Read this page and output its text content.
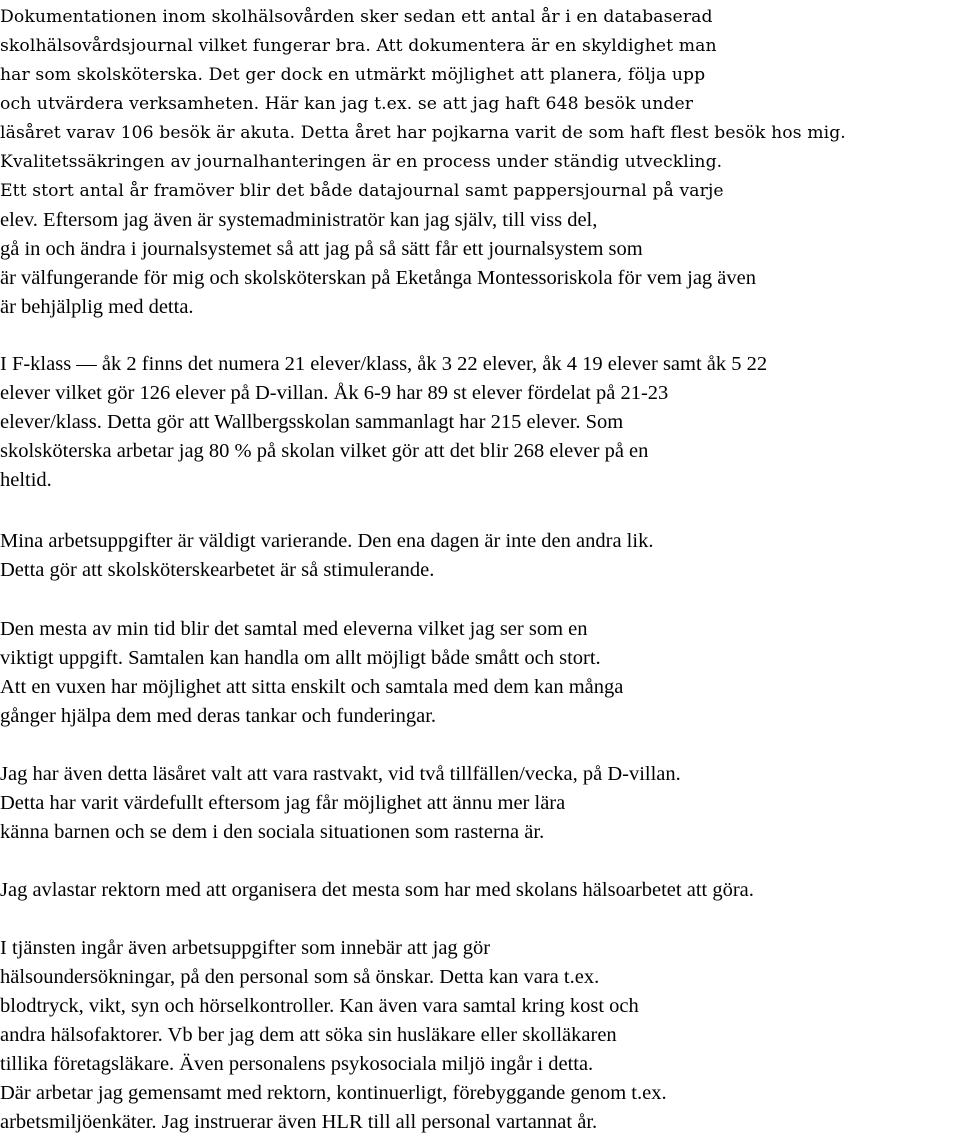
Dokumentationen inom skolhälsovården sker sedan ett antal år i en databaserad

skolhälsovårdsjournal vilket fungerar bra. Att dokumentera är en skyldighet man

har som skolsköterska. Det ger dock en utmärkt möjlighet att planera, följa upp

och utvärdera verksamheten. Här kan jag t.ex. se att jag haft 648 besök under

läsåret varav 106 besök är akuta. Detta året har pojkarna varit de som haft flest besök hos mig.

Kvalitetssäkringen av journalhanteringen är en process under ständig utveckling.

Ett stort antal år framöver blir det både datajournal samt pappersjournal på varje

elev. Eftersom jag även är systemadministratör kan jag själv, till viss del,

gå in och ändra i journalsystemet så att jag på så sätt får ett journalsystem som

är välfungerande för mig och skolsköterskan på Eketånga Montessoriskola för vem jag även

är behjälplig med detta.

I F-klass — åk 2 finns det numera 21 elever/klass, åk 3 22 elever, åk 4 19 elever samt åk 5 22

elever vilket gör 126 elever på D-villan. Åk 6-9 har 89 st elever fördelat på 21-23

elever/klass. Detta gör att Wallbergsskolan sammanlagt har 215 elever. Som

skolsköterska arbetar jag 80 % på skolan vilket gör att det blir 268 elever på en

heltid.

Mina arbetsuppgifter är väldigt varierande. Den ena dagen är inte den andra lik.

Detta gör att skolsköterskearbetet är så stimulerande.

Den mesta av min tid blir det samtal med eleverna vilket jag ser som en

viktigt uppgift. Samtalen kan handla om allt möjligt både smått och stort.

Att en vuxen har möjlighet att sitta enskilt och samtala med dem kan många

gånger hjälpa dem med deras tankar och funderingar.

Jag har även detta läsåret valt att vara rastvakt, vid två tillfällen/vecka, på D-villan.

Detta har varit värdefullt eftersom jag får möjlighet att ännu mer lära

känna barnen och se dem i den sociala situationen som rasterna är.

Jag avlastar rektorn med att organisera det mesta som har med skolans hälsoarbetet att göra.

I tjänsten ingår även arbetsuppgifter som innebär att jag gör

hälsoundersökningar, på den personal som så önskar. Detta kan vara t.ex.

blodtryck, vikt, syn och hörselkontroller. Kan även vara samtal kring kost och

andra hälsofaktorer. Vb ber jag dem att söka sin husläkare eller skolläkaren

tillika företagsläkare. Även personalens psykosociala miljö ingår i detta.

Där arbetar jag gemensamt med rektorn, kontinuerligt, förebyggande genom t.ex.

arbetsmiljöenkäter. Jag instruerar även HLR till all personal vartannat år.
